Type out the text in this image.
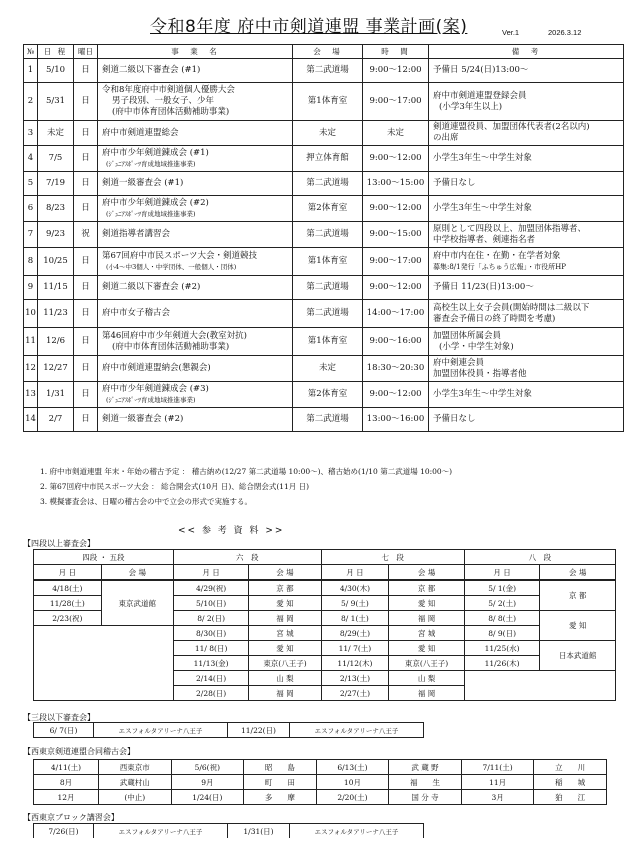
令和8年度 府中市剣道連盟 事業計画(案)	Ver.1	2026.3.12
№	日 程	曜日	事　業　名	会　場	時　間	備　考
1	5/10	日	剣道二級以下審査会 (#1)	第二武道場	9:00～12:00	予備日 5/24(日)13:00～

2	5/31	日	令和8年度府中市剣道個人優勝大会
男子段別、一般女子、少年
(府中市体育団体活動補助事業)	第1体育室	9:00～17:00	府中市剣道連盟登録会員
(小学3年生以上)

3	未定	日	府中市剣道連盟総会	未定	未定	剣道連盟役員、加盟団体代表者(2名以内)
の出席

4	7/5	日	府中市少年剣道錬成会 (#1)
(ｼﾞｭﾆｱｽﾎﾟｰﾂ育成地域推進事業)	押立体育館	9:00～12:00	小学生3年生～中学生対象

5	7/19	日	剣道一級審査会 (#1)	第二武道場	13:00～15:00	予備日なし

6	8/23	日	府中市少年剣道錬成会 (#2)
(ｼﾞｭﾆｱｽﾎﾟｰﾂ育成地域推進事業)	第2体育室	9:00～12:00	小学生3年生～中学生対象

7	9/23	祝	剣道指導者講習会	第二武道場	9:00～15:00	原則として四段以上、加盟団体指導者、
中学校指導者、剣連指名者

8	10/25	日	第67回府中市民スポーツ大会・剣道競技
(小4～中3個人・中学団体、一般個人・団体)	第1体育室	9:00～17:00	府中市内在住・在勤・在学者対象
募集:8/1発行「ふちゅう広報」・市役所HP

9	11/15	日	剣道二級以下審査会 (#2)	第二武道場	9:00～12:00	予備日 11/23(日)13:00～

10	11/23	日	府中市女子稽古会	第二武道場	14:00～17:00	高校生以上女子会員(開始時間は二級以下
審査会予備日の終了時間を考慮)

11	12/6	日	第46回府中市少年剣道大会(教室対抗)
(府中市体育団体活動補助事業)	第1体育室	9:00～16:00	加盟団体所属会員
(小学・中学生対象)

12	12/27	日	府中市剣道連盟納会(懇親会)	未定	18:30～20:30	府中剣連会員
加盟団体役員・指導者他

13	1/31	日	府中市少年剣道錬成会 (#3)
(ｼﾞｭﾆｱｽﾎﾟｰﾂ育成地域推進事業)	第2体育室	9:00～12:00	小学生3年生～中学生対象

14	2/7	日	剣道一級審査会 (#2)	第二武道場	13:00～16:00	予備日なし
1. 府中市剣道連盟 年末・年始の稽古予定 ： 稽古納め(12/27 第二武道場 10:00～)、稽古始め(1/10 第二武道場 10:00～)
2. 第67回府中市民スポーツ大会 ： 総合開会式(10月 日)、総合閉会式(11月 日)
3. 模擬審査会は、日曜の稽古会の中で立会の形式で実施する。
<< 参 考 資 料 >>
【四段以上審査会】
四段 ・ 五段		六　段		七　段		八　段	
月 日	会 場	月 日	会 場	月 日	会 場	月 日	会 場
4/18(土)	東京武道館	4/29(祝)	京 都	4/30(木)	京 都	5/ 1(金)	京 都
11/28(土)		5/10(日)	愛 知	5/ 9(土)	愛 知	5/ 2(土)	
2/23(祝)		8/ 2(日)	福 岡	8/ 1(土)	福 岡	8/ 8(土)	愛 知
		8/30(日)	宮 城	8/29(土)	宮 城	8/ 9(日)	
		11/ 8(日)	愛 知	11/ 7(土)	愛 知	11/25(水)	日本武道館
		11/13(金)	東京(八王子)	11/12(木)	東京(八王子)	11/26(木)	
		2/14(日)	山 梨	2/13(土)	山 梨		
		2/28(日)	福 岡	2/27(土)	福 岡		
【三段以下審査会】
6/ 7(日)	エスフォルタアリーナ八王子	11/22(日)	エスフォルタアリーナ八王子
【西東京剣道連盟合同稽古会】
4/11(土)	西東京市	5/6(祝)	昭　　島	6/13(土)	武 蔵 野	7/11(土)	立　　川
8月	武蔵村山	9月	町　　田	10月	福　　生	11月	稲　　城
12月	(中止)	1/24(日)	多　　摩	2/20(土)	国 分 寺	3月	狛　　江
【西東京ブロック講習会】
7/26(日)	エスフォルタアリーナ八王子	1/31(日)	エスフォルタアリーナ八王子
